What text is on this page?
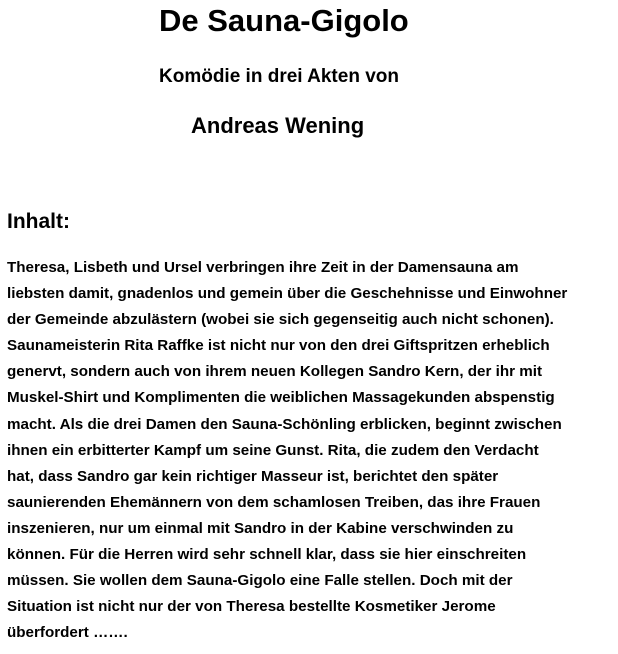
De Sauna-Gigolo
Komödie in drei Akten von
Andreas Wening
Inhalt:
Theresa, Lisbeth und Ursel verbringen ihre Zeit in der Damensauna am
liebsten damit, gnadenlos und gemein über die Geschehnisse und Einwohner
der Gemeinde abzulästern (wobei sie sich gegenseitig auch nicht schonen).
Saunameisterin Rita Raffke ist nicht nur von den drei Giftspritzen erheblich
genervt, sondern auch von ihrem neuen Kollegen Sandro Kern, der ihr mit
Muskel-Shirt und Komplimenten die weiblichen Massagekunden abspenstig
macht. Als die drei Damen den Sauna-Schönling erblicken, beginnt zwischen
ihnen ein erbitterter Kampf um seine Gunst. Rita, die zudem den Verdacht
hat, dass Sandro gar kein richtiger Masseur ist, berichtet den später
saunierenden Ehemännern von dem schamlosen Treiben, das ihre Frauen
inszenieren, nur um einmal mit Sandro in der Kabine verschwinden zu
können. Für die Herren wird sehr schnell klar, dass sie hier einschreiten
müssen. Sie wollen dem Sauna-Gigolo eine Falle stellen. Doch mit der
Situation ist nicht nur der von Theresa bestellte Kosmetiker Jerome
überfordert …….
